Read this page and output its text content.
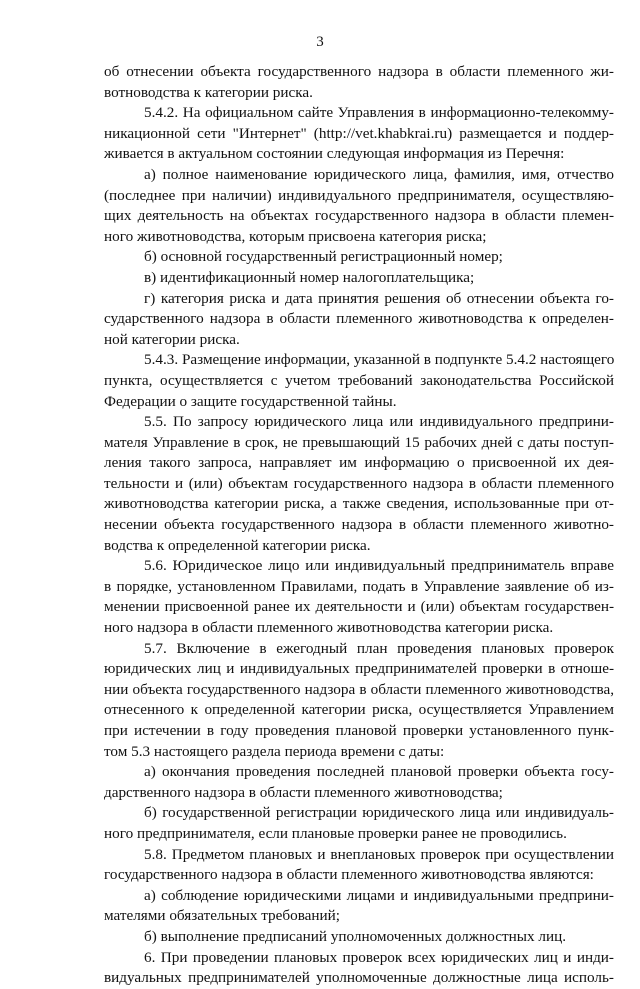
3
об отнесении объекта государственного надзора в области племенного жи-
вотноводства к категории риска.
5.4.2. На официальном сайте Управления в информационно-телекомму-
никационной сети "Интернет" (http://vet.khabkrai.ru) размещается и поддер-
живается в актуальном состоянии следующая информация из Перечня:
а) полное наименование юридического лица, фамилия, имя, отчество
(последнее при наличии) индивидуального предпринимателя, осуществляю-
щих деятельность на объектах государственного надзора в области племен-
ного животноводства, которым присвоена категория риска;
б) основной государственный регистрационный номер;
в) идентификационный номер налогоплательщика;
г) категория риска и дата принятия решения об отнесении объекта го-
сударственного надзора в области племенного животноводства к определен-
ной категории риска.
5.4.3. Размещение информации, указанной в подпункте 5.4.2 настоящего
пункта, осуществляется с учетом требований законодательства Российской
Федерации о защите государственной тайны.
5.5. По запросу юридического лица или индивидуального предприни-
мателя Управление в срок, не превышающий 15 рабочих дней с даты поступ-
ления такого запроса, направляет им информацию о присвоенной их дея-
тельности и (или) объектам государственного надзора в области племенного
животноводства категории риска, а также сведения, использованные при от-
несении объекта государственного надзора в области племенного животно-
водства к определенной категории риска.
5.6. Юридическое лицо или индивидуальный предприниматель вправе
в порядке, установленном Правилами, подать в Управление заявление об из-
менении присвоенной ранее их деятельности и (или) объектам государствен-
ного надзора в области племенного животноводства категории риска.
5.7. Включение в ежегодный план проведения плановых проверок
юридических лиц и индивидуальных предпринимателей проверки в отноше-
нии объекта государственного надзора в области племенного животноводства,
отнесенного к определенной категории риска, осуществляется Управлением
при истечении в году проведения плановой проверки установленного пунк-
том 5.3 настоящего раздела периода времени с даты:
а) окончания проведения последней плановой проверки объекта госу-
дарственного надзора в области племенного животноводства;
б) государственной регистрации юридического лица или индивидуаль-
ного предпринимателя, если плановые проверки ранее не проводились.
5.8. Предметом плановых и внеплановых проверок при осуществлении
государственного надзора в области племенного животноводства являются:
а) соблюдение юридическими лицами и индивидуальными предприни-
мателями обязательных требований;
б) выполнение предписаний уполномоченных должностных лиц.
6. При проведении плановых проверок всех юридических лиц и инди-
видуальных предпринимателей уполномоченные должностные лица исполь-
